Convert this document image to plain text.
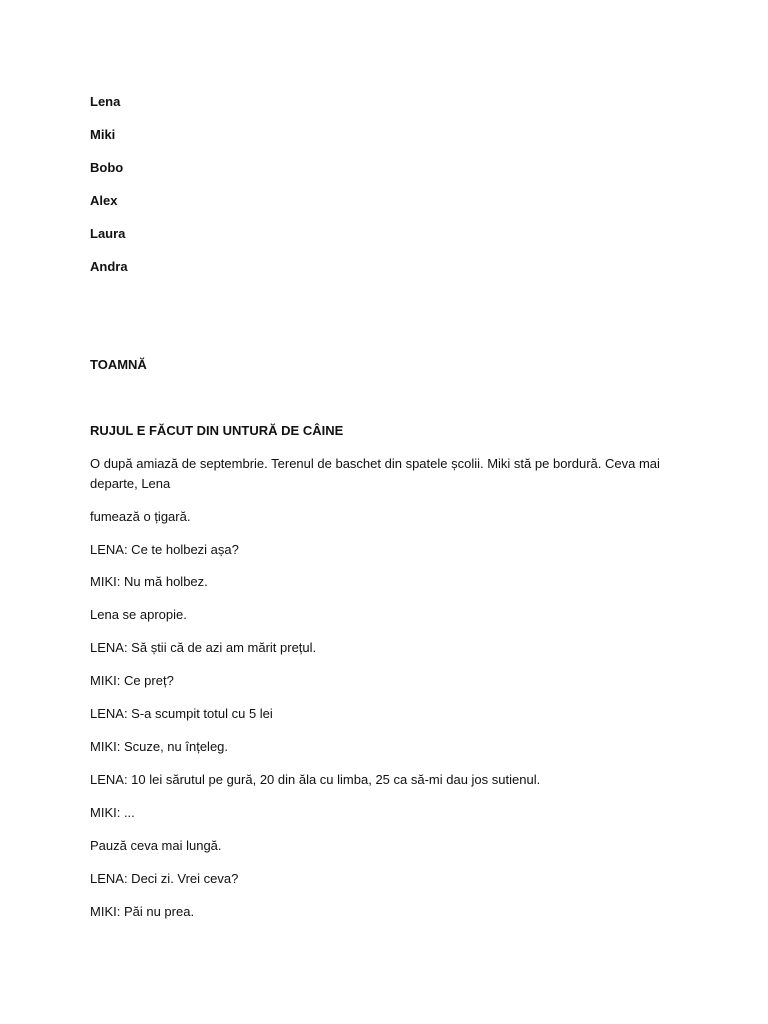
Lena
Miki
Bobo
Alex
Laura
Andra
TOAMNĂ
RUJUL E FĂCUT DIN UNTURĂ DE CÂINE
O după amiază de septembrie. Terenul de baschet din spatele școlii. Miki stă pe bordură. Ceva mai departe, Lena
fumează o țigară.
LENA: Ce te holbezi așa?
MIKI: Nu mă holbez.
Lena se apropie.
LENA: Să știi că de azi am mărit prețul.
MIKI: Ce preț?
LENA: S-a scumpit totul cu 5 lei
MIKI: Scuze, nu înțeleg.
LENA: 10 lei sărutul pe gură, 20 din ăla cu limba, 25 ca să-mi dau jos sutienul.
MIKI: ...
Pauză ceva mai lungă.
LENA: Deci zi. Vrei ceva?
MIKI: Păi nu prea.
